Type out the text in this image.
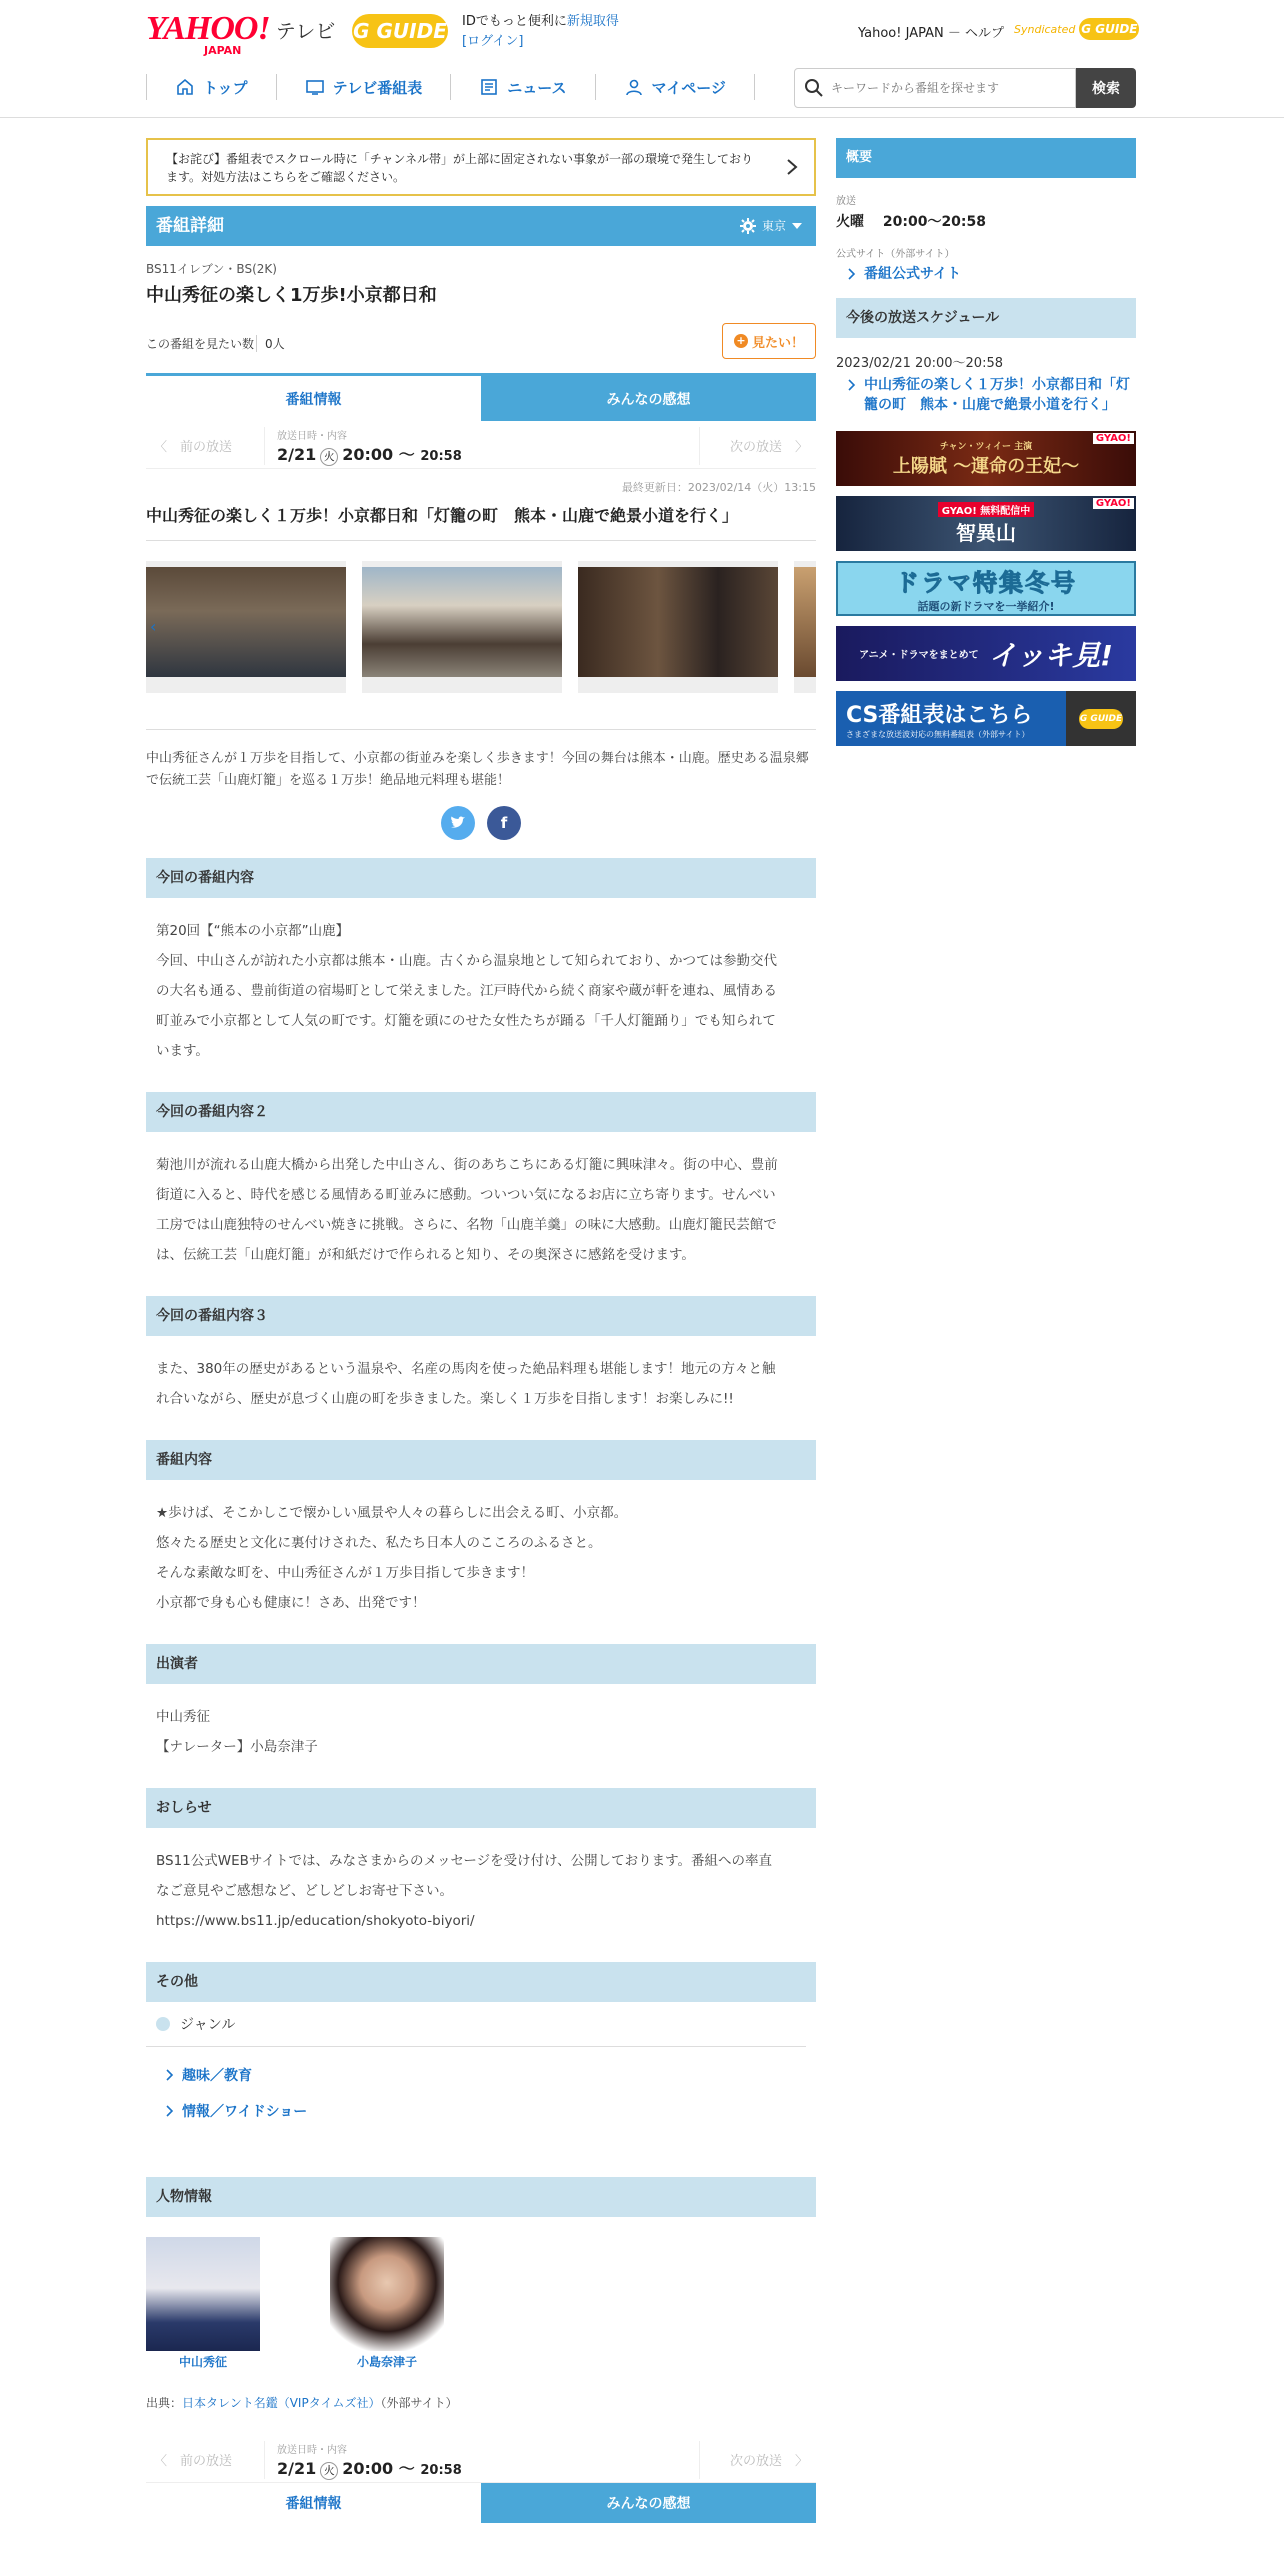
YAHOO!
JAPAN
テレビ G GUIDE IDでもっと便利に新規取得
[ログイン]
Yahoo! JAPAN － ヘルプ Syndicated G GUIDE
トップ	テレビ番組表	ニュース	マイページ
キーワードから番組を探せます	検索
【お詫び】番組表でスクロール時に「チャンネル帯」が上部に固定されない事象が一部の環境で発生しており
ます。対処方法はこちらをご確認ください。
番組詳細	東京
BS11イレブン・BS(2K)
中山秀征の楽しく1万歩!小京都日和
この番組を見たい数 0人	+ 見たい！
番組情報	みんなの感想
〈　前の放送
放送日時・内容
2/21 火 20:00 〜 20:58
次の放送　〉
最終更新日：2023/02/14（火）13:15
中山秀征の楽しく１万歩！小京都日和「灯籠の町　熊本・山鹿で絶景小道を行く」
‹
中山秀征さんが１万歩を目指して、小京都の街並みを楽しく歩きます！今回の舞台は熊本・山鹿。歴史ある温泉郷で伝統工芸「山鹿灯籠」を巡る１万歩！絶品地元料理も堪能！
f
今回の番組内容
第20回【“熊本の小京都”山鹿】
今回、中山さんが訪れた小京都は熊本・山鹿。古くから温泉地として知られており、かつては参勤交代
の大名も通る、豊前街道の宿場町として栄えました。江戸時代から続く商家や蔵が軒を連ね、風情ある
町並みで小京都として人気の町です。灯籠を頭にのせた女性たちが踊る「千人灯籠踊り」でも知られて
います。
今回の番組内容２
菊池川が流れる山鹿大橋から出発した中山さん、街のあちこちにある灯籠に興味津々。街の中心、豊前
街道に入ると、時代を感じる風情ある町並みに感動。ついつい気になるお店に立ち寄ります。せんべい
工房では山鹿独特のせんべい焼きに挑戦。さらに、名物「山鹿羊羹」の味に大感動。山鹿灯籠民芸館で
は、伝統工芸「山鹿灯籠」が和紙だけで作られると知り、その奥深さに感銘を受けます。
今回の番組内容３
また、380年の歴史があるという温泉や、名産の馬肉を使った絶品料理も堪能します！地元の方々と触
れ合いながら、歴史が息づく山鹿の町を歩きました。楽しく１万歩を目指します！お楽しみに!!
番組内容
★歩けば、そこかしこで懐かしい風景や人々の暮らしに出会える町、小京都。
悠々たる歴史と文化に裏付けされた、私たち日本人のこころのふるさと。
そんな素敵な町を、中山秀征さんが１万歩目指して歩きます！
小京都で身も心も健康に！さあ、出発です！
出演者
中山秀征
【ナレーター】小島奈津子
おしらせ
BS11公式WEBサイトでは、みなさまからのメッセージを受け付け、公開しております。番組への率直
なご意見やご感想など、どしどしお寄せ下さい。
https://www.bs11.jp/education/shokyoto-biyori/
その他
ジャンル
趣味／教育
情報／ワイドショー
人物情報
中山秀征	小島奈津子
出典：日本タレント名鑑（VIPタイムズ社）（外部サイト）
〈　前の放送
放送日時・内容
2/21 火 20:00 〜 20:58
次の放送　〉
番組情報	みんなの感想
概要
放送
火曜　 20:00～20:58
公式サイト（外部サイト）
番組公式サイト
今後の放送スケジュール
2023/02/21 20:00～20:58
中山秀征の楽しく１万歩！小京都日和「灯籠の町　熊本・山鹿で絶景小道を行く」
GYAO!
チャン・ツィイー 主演
上陽賦 〜運命の王妃〜
GYAO!
GYAO! 無料配信中
智異山
ドラマ特集冬号
話題の新ドラマを一挙紹介!
アニメ・ドラマをまとめて イッキ見!
CS番組表はこちら
さまざまな放送波対応の無料番組表（外部サイト）
G GUIDE
